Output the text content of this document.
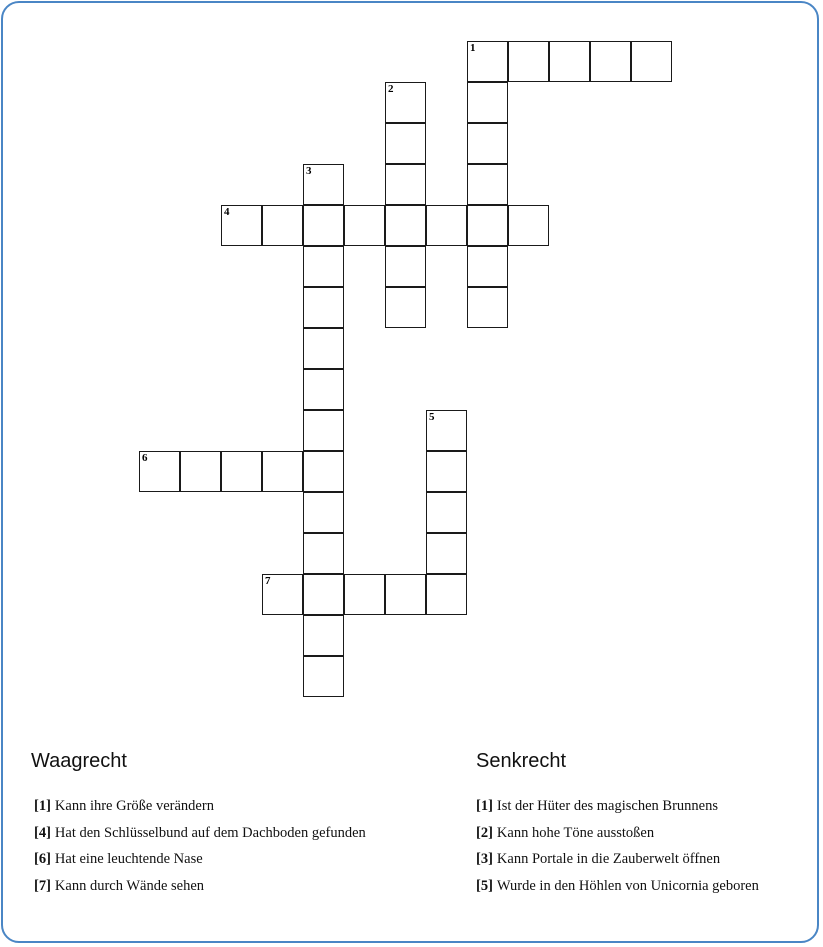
1
2
3
4
5
6
7
Waagrecht	Senkrecht
[1] Kann ihre Größe verändern
[4] Hat den Schlüsselbund auf dem Dachboden gefunden
[6] Hat eine leuchtende Nase
[7] Kann durch Wände sehen
[1] Ist der Hüter des magischen Brunnens
[2] Kann hohe Töne ausstoßen
[3] Kann Portale in die Zauberwelt öffnen
[5] Wurde in den Höhlen von Unicornia geboren
